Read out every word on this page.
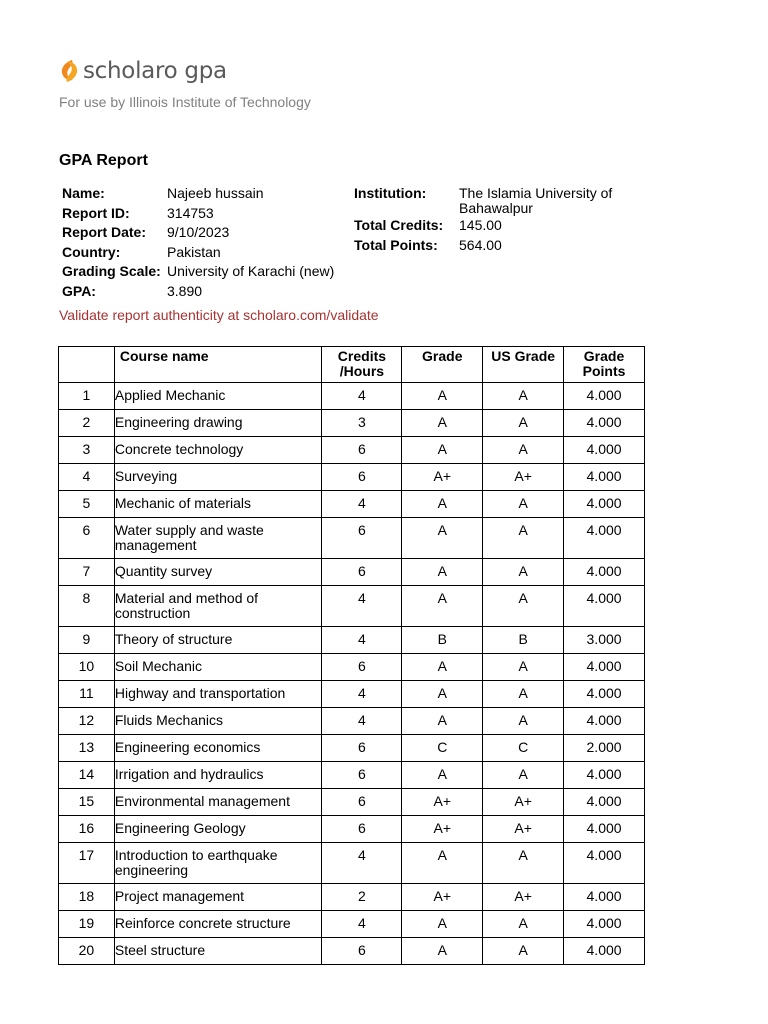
scholaro gpa
For use by Illinois Institute of Technology
GPA Report
Name:	Najeeb hussain
Report ID:	314753
Report Date:	9/10/2023
Country:	Pakistan
Grading Scale: University of Karachi (new)
GPA:	3.890
Institution:	The Islamia University of Bahawalpur
Total Credits:	145.00
Total Points:	564.00
Validate report authenticity at scholaro.com/validate
	Course name	Credits /Hours	Grade	US Grade	Grade Points
1	Applied Mechanic	4	A	A	4.000
2	Engineering drawing	3	A	A	4.000
3	Concrete technology	6	A	A	4.000
4	Surveying	6	A+	A+	4.000
5	Mechanic of materials	4	A	A	4.000
6	Water supply and waste management	6	A	A	4.000
7	Quantity survey	6	A	A	4.000
8	Material and method of construction	4	A	A	4.000
9	Theory of structure	4	B	B	3.000
10	Soil Mechanic	6	A	A	4.000
11	Highway and transportation	4	A	A	4.000
12	Fluids Mechanics	4	A	A	4.000
13	Engineering economics	6	C	C	2.000
14	Irrigation and hydraulics	6	A	A	4.000
15	Environmental management	6	A+	A+	4.000
16	Engineering Geology	6	A+	A+	4.000
17	Introduction to earthquake engineering	4	A	A	4.000
18	Project management	2	A+	A+	4.000
19	Reinforce concrete structure	4	A	A	4.000
20	Steel structure	6	A	A	4.000
